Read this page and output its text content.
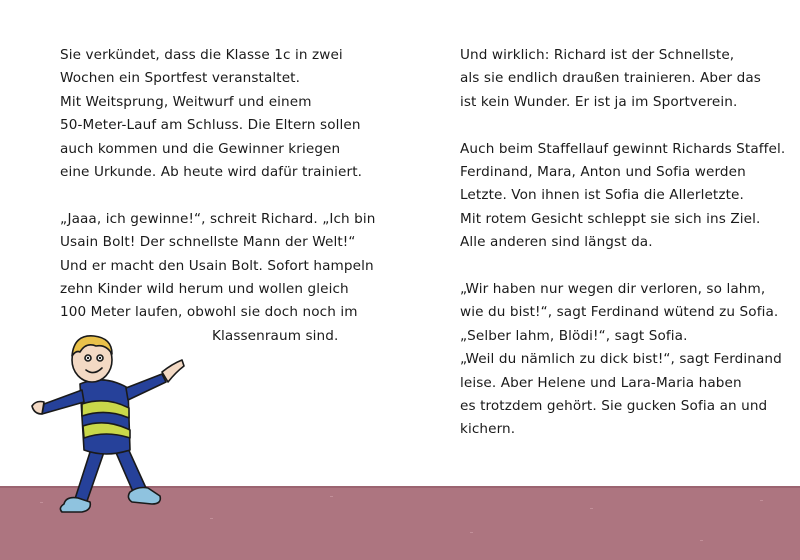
Sie verkündet, dass die Klasse 1c in zwei
Wochen ein Sportfest veranstaltet.
Mit Weitsprung, Weitwurf und einem
50-Meter-Lauf am Schluss. Die Eltern sollen
auch kommen und die Gewinner kriegen
eine Urkunde. Ab heute wird dafür trainiert.
„Jaaa, ich gewinne!“, schreit Richard. „Ich bin
Usain Bolt! Der schnellste Mann der Welt!“
Und er macht den Usain Bolt. Sofort hampeln
zehn Kinder wild herum und wollen gleich
100 Meter laufen, obwohl sie doch noch im
Klassenraum sind.
Und wirklich: Richard ist der Schnellste,
als sie endlich draußen trainieren. Aber das
ist kein Wunder. Er ist ja im Sportverein.
Auch beim Staffellauf gewinnt Richards Staffel.
Ferdinand, Mara, Anton und Sofia werden
Letzte. Von ihnen ist Sofia die Allerletzte.
Mit rotem Gesicht schleppt sie sich ins Ziel.
Alle anderen sind längst da.
„Wir haben nur wegen dir verloren, so lahm,
wie du bist!“, sagt Ferdinand wütend zu Sofia.
„Selber lahm, Blödi!“, sagt Sofia.
„Weil du nämlich zu dick bist!“, sagt Ferdinand
leise. Aber Helene und Lara-Maria haben
es trotzdem gehört. Sie gucken Sofia an und
kichern.
